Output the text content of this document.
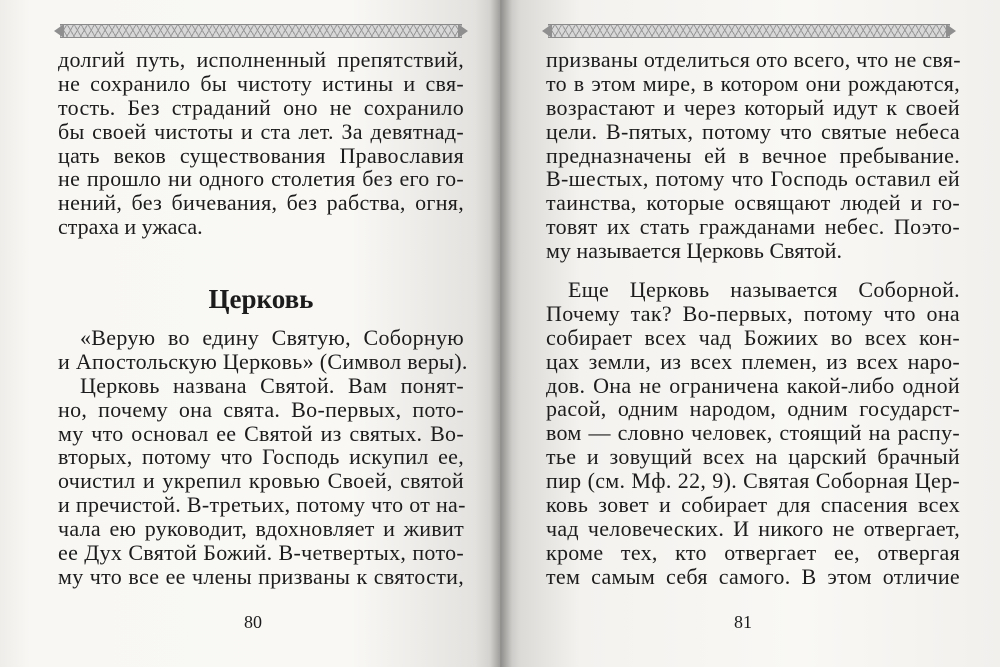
долгий путь, исполненный препятствий,
не сохранило бы чистоту истины и свя-
тость. Без страданий оно не сохранило
бы своей чистоты и ста лет. За девятнад-
цать веков существования Православия
не прошло ни одного столетия без его го-
нений, без бичевания, без рабства, огня,
страха и ужаса.
Церковь
«Верую во едину Святую, Соборную
и Апостольскую Церковь» (Символ веры).
Церковь названа Святой. Вам понят-
но, почему она свята. Во-первых, пото-
му что основал ее Святой из святых. Во-
вторых, потому что Господь искупил ее,
очистил и укрепил кровью Своей, святой
и пречистой. В-третьих, потому что от на-
чала ею руководит, вдохновляет и живит
ее Дух Святой Божий. В-четвертых, пото-
му что все ее члены призваны к святости,
80
призваны отделиться ото всего, что не свя-
то в этом мире, в котором они рождаются,
возрастают и через который идут к своей
цели. В-пятых, потому что святые небеса
предназначены ей в вечное пребывание.
В-шестых, потому что Господь оставил ей
таинства, которые освящают людей и го-
товят их стать гражданами небес. Поэто-
му называется Церковь Святой.
Еще Церковь называется Соборной.
Почему так? Во-первых, потому что она
собирает всех чад Божиих во всех кон-
цах земли, из всех племен, из всех наро-
дов. Она не ограничена какой-либо одной
расой, одним народом, одним государст-
вом — словно человек, стоящий на распу-
тье и зовущий всех на царский брачный
пир (см. Мф. 22, 9). Святая Соборная Цер-
ковь зовет и собирает для спасения всех
чад человеческих. И никого не отвергает,
кроме тех, кто отвергает ее, отвергая
тем самым себя самого. В этом отличие
81
